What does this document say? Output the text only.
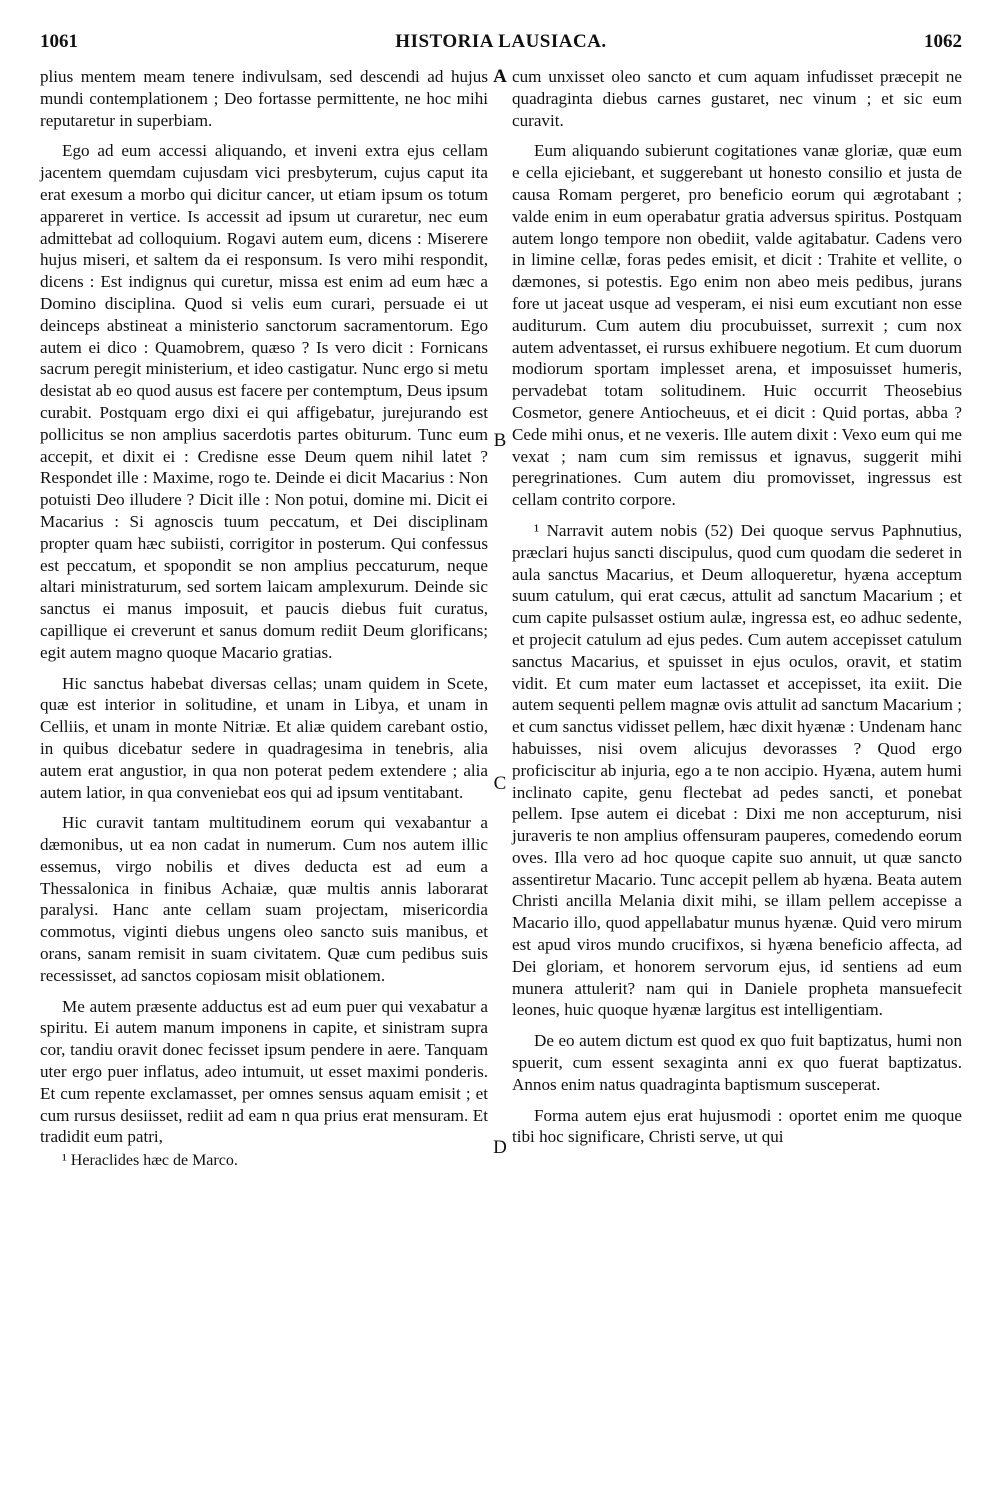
1061	HISTORIA LAUSIACA.	1062

plius mentem meam tenere indivulsam, sed descendi ad hujus mundi contemplationem ; Deo fortasse permittente, ne hoc mihi reputaretur in superbiam.

Ego ad eum accessi aliquando, et inveni extra ejus cellam jacentem quemdam cujusdam vici presbyterum, cujus caput ita erat exesum a morbo qui dicitur cancer, ut etiam ipsum os totum appareret in vertice. Is accessit ad ipsum ut curaretur, nec eum admittebat ad colloquium. Rogavi autem eum, dicens : Miserere hujus miseri, et saltem da ei responsum. Is vero mihi respondit, dicens : Est indignus qui curetur, missa est enim ad eum hæc a Domino disciplina. Quod si velis eum curari, persuade ei ut deinceps abstineat a ministerio sanctorum sacramentorum. Ego autem ei dico : Quamobrem, quæso ? Is vero dicit : Fornicans sacrum peregit ministerium, et ideo castigatur. Nunc ergo si metu desistat ab eo quod ausus est facere per contemptum, Deus ipsum curabit. Postquam ergo dixi ei qui affigebatur, jurejurando est pollicitus se non amplius sacerdotis partes obiturum. Tunc eum accepit, et dixit ei : Credisne esse Deum quem nihil latet ? Respondet ille : Maxime, rogo te. Deinde ei dicit Macarius : Non potuisti Deo illudere ? Dicit ille : Non potui, domine mi. Dicit ei Macarius : Si agnoscis tuum peccatum, et Dei disciplinam propter quam hæc subiisti, corrigitor in posterum. Qui confessus est peccatum, et spopondit se non amplius peccaturum, neque altari ministraturum, sed sortem laicam amplexurum. Deinde sic sanctus ei manus imposuit, et paucis diebus fuit curatus, capillique ei creverunt et sanus domum rediit Deum glorificans; egit autem magno quoque Macario gratias.

Hic sanctus habebat diversas cellas; unam quidem in Scete, quæ est interior in solitudine, et unam in Libya, et unam in Celliis, et unam in monte Nitriæ. Et aliæ quidem carebant ostio, in quibus dicebatur sedere in quadragesima in tenebris, alia autem erat angustior, in qua non poterat pedem extendere ; alia autem latior, in qua conveniebat eos qui ad ipsum ventitabant.

Hic curavit tantam multitudinem eorum qui vexabantur a dæmonibus, ut ea non cadat in numerum. Cum nos autem illic essemus, virgo nobilis et dives deducta est ad eum a Thessalonica in finibus Achaiæ, quæ multis annis laborarat paralysi. Hanc ante cellam suam projectam, misericordia commotus, viginti diebus ungens oleo sancto suis manibus, et orans, sanam remisit in suam civitatem. Quæ cum pedibus suis recessisset, ad sanctos copiosam misit oblationem.

Me autem præsente adductus est ad eum puer qui vexabatur a spiritu. Ei autem manum imponens in capite, et sinistram supra cor, tandiu oravit donec fecisset ipsum pendere in aere. Tanquam uter ergo puer inflatus, adeo intumuit, ut esset maximi ponderis. Et cum repente exclamasset, per omnes sensus aquam emisit ; et cum rursus desiisset, rediit ad eam n qua prius erat mensuram. Et tradidit eum patri,

¹ Heraclides hæc de Marco.

A
B
C
D

cum unxisset oleo sancto et cum aquam infudisset præcepit ne quadraginta diebus carnes gustaret, nec vinum ; et sic eum curavit.

Eum aliquando subierunt cogitationes vanæ gloriæ, quæ eum e cella ejiciebant, et suggerebant ut honesto consilio et justa de causa Romam pergeret, pro beneficio eorum qui ægrotabant ; valde enim in eum operabatur gratia adversus spiritus. Postquam autem longo tempore non obediit, valde agitabatur. Cadens vero in limine cellæ, foras pedes emisit, et dicit : Trahite et vellite, o dæmones, si potestis. Ego enim non abeo meis pedibus, jurans fore ut jaceat usque ad vesperam, ei nisi eum excutiant non esse auditurum. Cum autem diu procubuisset, surrexit ; cum nox autem adventasset, ei rursus exhibuere negotium. Et cum duorum modiorum sportam implesset arena, et imposuisset humeris, pervadebat totam solitudinem. Huic occurrit Theosebius Cosmetor, genere Antiocheuus, et ei dicit : Quid portas, abba ? Cede mihi onus, et ne vexeris. Ille autem dixit : Vexo eum qui me vexat ; nam cum sim remissus et ignavus, suggerit mihi peregrinationes. Cum autem diu promovisset, ingressus est cellam contrito corpore.

¹ Narravit autem nobis (52) Dei quoque servus Paphnutius, præclari hujus sancti discipulus, quod cum quodam die sederet in aula sanctus Macarius, et Deum alloqueretur, hyæna acceptum suum catulum, qui erat cæcus, attulit ad sanctum Macarium ; et cum capite pulsasset ostium aulæ, ingressa est, eo adhuc sedente, et projecit catulum ad ejus pedes. Cum autem accepisset catulum sanctus Macarius, et spuisset in ejus oculos, oravit, et statim vidit. Et cum mater eum lactasset et accepisset, ita exiit. Die autem sequenti pellem magnæ ovis attulit ad sanctum Macarium ; et cum sanctus vidisset pellem, hæc dixit hyænæ : Undenam hanc habuisses, nisi ovem alicujus devorasses ? Quod ergo proficiscitur ab injuria, ego a te non accipio. Hyæna, autem humi inclinato capite, genu flectebat ad pedes sancti, et ponebat pellem. Ipse autem ei dicebat : Dixi me non accepturum, nisi juraveris te non amplius offensuram pauperes, comedendo eorum oves. Illa vero ad hoc quoque capite suo annuit, ut quæ sancto assentiretur Macario. Tunc accepit pellem ab hyæna. Beata autem Christi ancilla Melania dixit mihi, se illam pellem accepisse a Macario illo, quod appellabatur munus hyænæ. Quid vero mirum est apud viros mundo crucifixos, si hyæna beneficio affecta, ad Dei gloriam, et honorem servorum ejus, id sentiens ad eum munera attulerit? nam qui in Daniele propheta mansuefecit leones, huic quoque hyænæ largitus est intelligentiam.

De eo autem dictum est quod ex quo fuit baptizatus, humi non spuerit, cum essent sexaginta anni ex quo fuerat baptizatus. Annos enim natus quadraginta baptismum susceperat.

Forma autem ejus erat hujusmodi : oportet enim me quoque tibi hoc significare, Christi serve, ut qui
